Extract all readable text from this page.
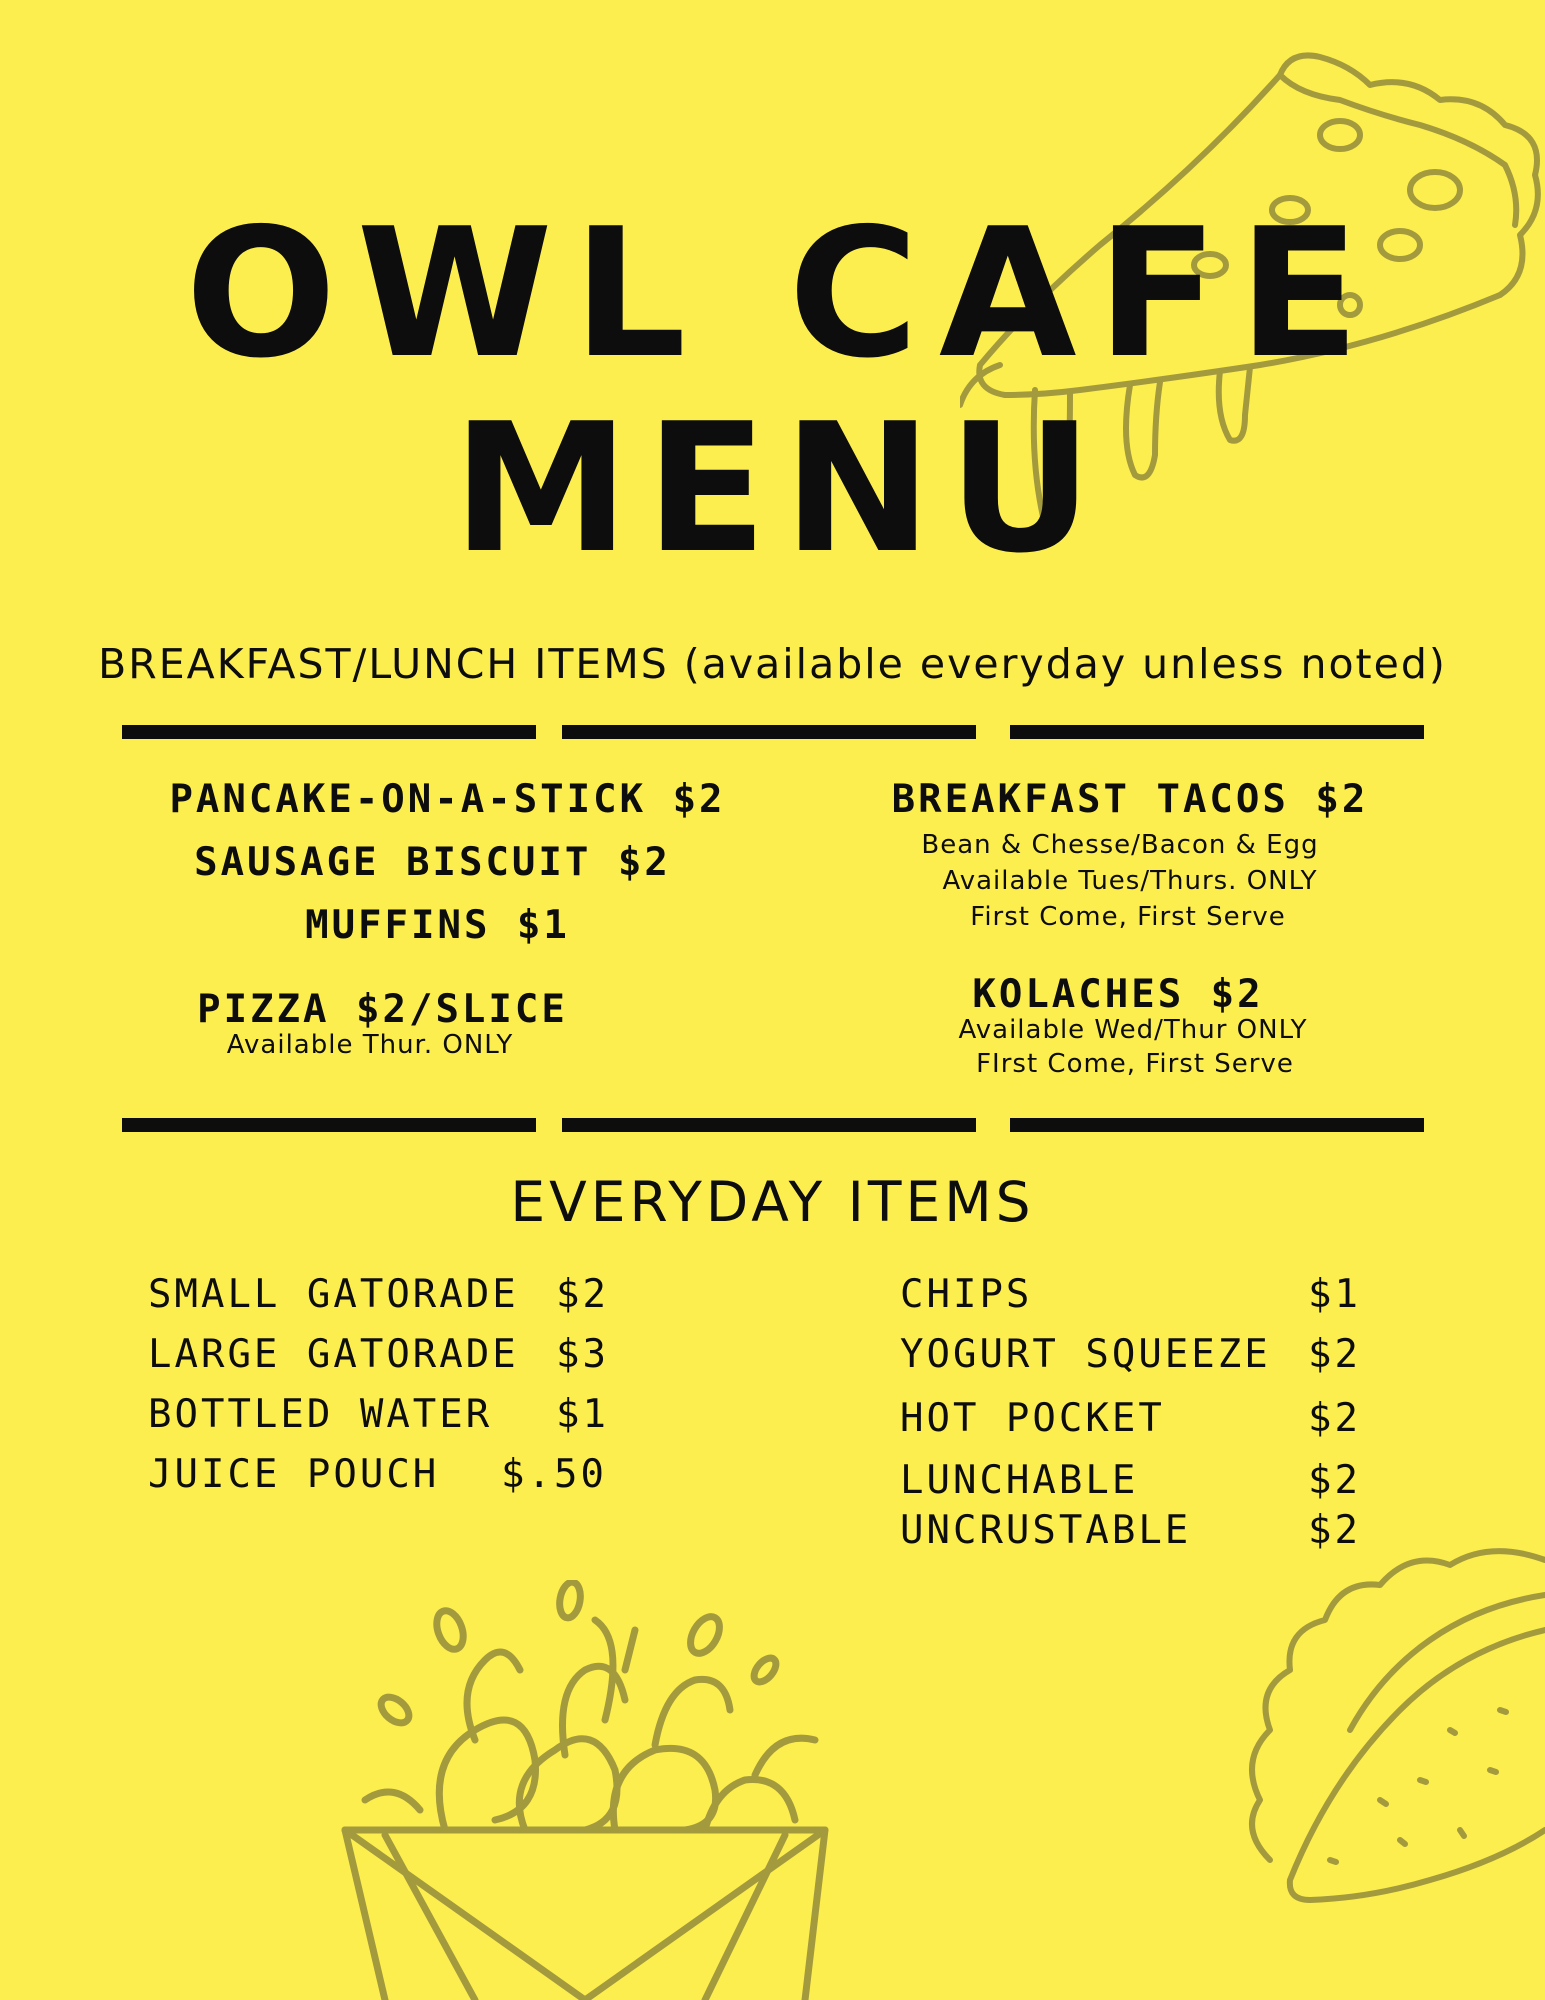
OWL CAFE
MENU
BREAKFAST/LUNCH ITEMS (available everyday unless noted)
PANCAKE-ON-A-STICK $2
SAUSAGE BISCUIT $2
MUFFINS $1
PIZZA $2/SLICE
Available Thur. ONLY
BREAKFAST TACOS $2
Bean & Chesse/Bacon & Egg
Available Tues/Thurs. ONLY
First Come, First Serve
KOLACHES $2
Available Wed/Thur ONLY
FIrst Come, First Serve
EVERYDAY ITEMS
SMALL GATORADE $2
LARGE GATORADE $3
BOTTLED WATER $1
JUICE POUCH $.50
CHIPS	$1
YOGURT SQUEEZE $2
HOT POCKET	$2
LUNCHABLE	$2
UNCRUSTABLE	$2
